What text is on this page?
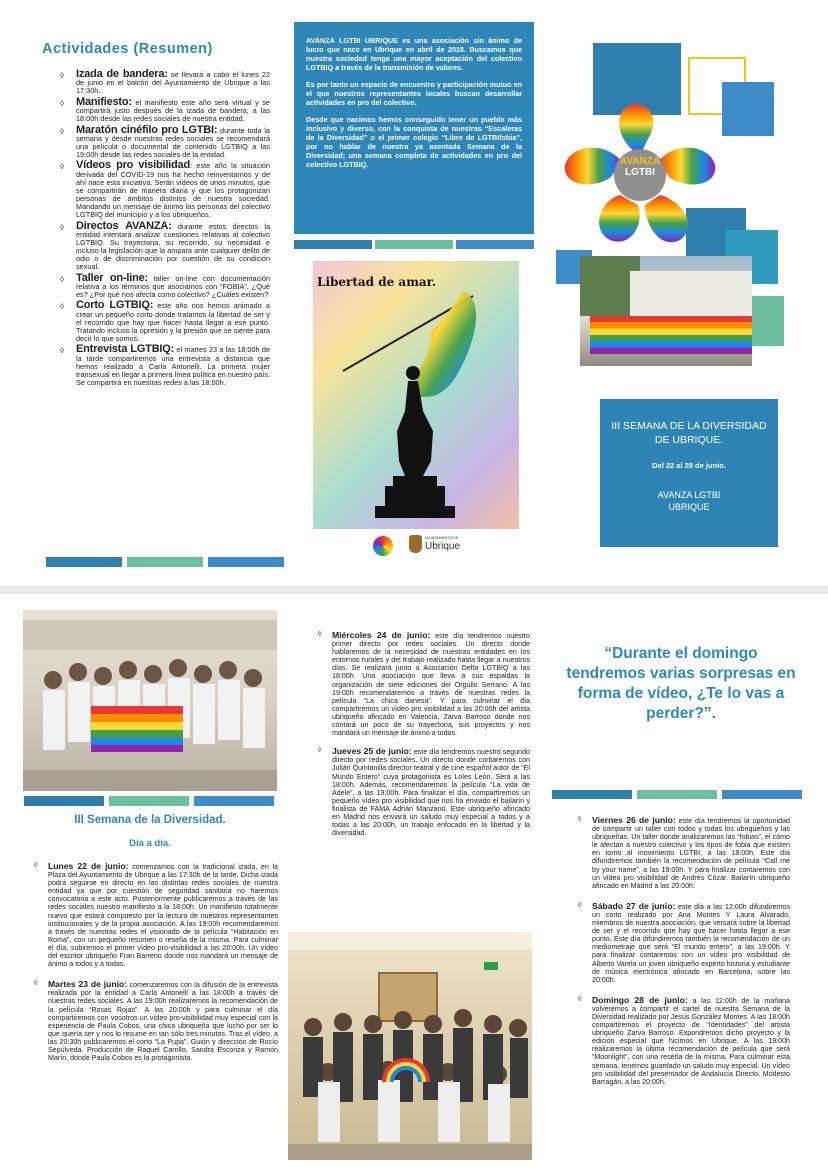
Actividades (Resumen)
◊ Izada de bandera: se llevará a cabo el lunes 22 de junio en el balcón del Ayuntamiento de Ubrique a las 17:30h.
◊ Manifiesto: el manifiesto este año será virtual y se compartirá justo después de la izada de bandera, a las 18:00h desde las redes sociales de nuestra entidad.
◊ Maratón cinéfilo pro LGTBI: durante toda la semana y desde nuestras redes sociales se recomendará una película o documental de contenido LGTBIQ a las 19:00h desde las redes sociales de la entidad.
◊ Vídeos pro visibilidad: este año la situación derivada del COVID-19 nos ha hecho reinventarnos y de ahí nace esta iniciativa. Serán vídeos de unos minutos, que se compartirán de manera diaria y que los protagonizan personas de ámbitos distintos de nuestra sociedad. Mandando un mensaje de ánimo las personas del colectivo LGTBIQ del municipio y a los ubriqueños.
◊ Directos AVANZA: durante estos directos la entidad intentará analizar cuestiones relativas al colectivo LGTBIQ. Su trayectoria, su recorrido, su necesidad e incluso la legislación que la ampara ante cualquier delito de odio o de discriminación por cuestión de su condición sexual.
◊ Taller on-line: taller on-line con documentación relativa a los términos que asociamos con “FOBIA”. ¿Qué es? ¿Por qué nos afecta como colectivo? ¿Cuáles existen?
◊ Corto LGTBIQ: este año nos hemos animado a crear un pequeño corto donde tratamos la libertad de ser y el recorrido que hay que hacer hasta llegar a ese punto. Tratando incluso la opresión y la presión que se siente para decir lo que somos.
◊ Entrevista LGTBIQ: el martes 23 a las 18:00h de la tarde compartiremos una entrevista a distancia que hemos realizado a Carla Antonelli. La primera mujer transexual en llegar a primera línea política en nuestro país. Se compartirá en nuestras redes a las 18:00h.

AVANZA LGTBI UBRIQUE es una asociación sin ánimo de lucro que nace en Ubrique en abril de 2018. Buscamos que nuestra sociedad tenga una mayor aceptación del colectivo LGTBIQ a través de la transmisión de valores.

Es por tanto un espacio de encuentro y participación mutuo en el que nuestros representantes locales buscan desarrollar actividades en pro del colectivo.

Desde que nacimos hemos conseguido tener un pueblo más inclusivo y diverso, con la conquista de nuestras “Escaleras de la Diversidad” o el primer colegio “Libre de LGTBIfobia”, por no hablar de nuestra ya asentada Semana de la Diversidad; una semana completa de actividades en pro del colectivo LGTBIQ.

Libertad de amar.
AYUNTAMIENTO DE
Ubrique
AVANZA
LGTBI
III SEMANA DE LA DIVERSIDAD DE UBRIQUE.
Del 22 al 28 de junio.
AVANZA LGTBI
UBRIQUE
III Semana de la Diversidad.
Día a día.

◊ Lunes 22 de junio: comenzamos con la tradicional izada, en la Plaza del Ayuntamiento de Ubrique a las 17:30h de la tarde. Dicha izada podrá seguirse en directo en las distintas redes sociales de nuestra entidad ya que por cuestión de seguridad sanitaria no haremos convocatoria a este acto. Posteriormente publicaremos a través de las redes sociales nuestro manifiesto a la 18:00h. Un manifiesto totalmente nuevo que estará compuesto por la lectura de nuestros representantes institucionales y de la propia asociación. A las 19:00h recomendaremos a través de nuestras redes el visionado de la película “Habitación en Roma”, con un pequeño resumen o reseña de la misma. Para culminar el día, subiremos el primer vídeo pro-visibilidad a las 20:00h. Un vídeo del escritor ubriqueño Fran Barreno donde nos mandará un mensaje de ánimo a todos y a todas.

◊ Martes 23 de junio: comenzaremos con la difusión de la entrevista realizada por la entidad a Carla Antonelli a las 18:00h a través de nuestras redes sociales. A las 19:00h realizaremos la recomendación de la película “Rosas Rojas”. A las 20:00h y para culminar el día compartiremos con vosotros un vídeo pro-visibilidad muy especial con la experiencia de Paula Cobos, una chica ubriqueña que luchó por ser lo que quería ser y nos lo resume en tan sólo tres minutos. Tras el vídeo, a las 20:30h publicaremos el corto “La Pupa”. Guión y dirección de Rocío Sepúlveda. Producción de Raquel Carrillo, Sandra Escoriza y Ramón Marín, donde Paula Cobos es la protagonista.

◊ Miércoles 24 de junio: este día tendremos nuestro primer directo por redes sociales. Un directo donde hablaremos de la necesidad de nuestras entidades en los entornos rurales y del trabajo realizado hasta llegar a nuestros días. Se realizará junto a Asociación Delta LGTBIQ a las 18:00h. Una asociación que lleva a sus espaldas la organización de siete ediciones del Orgullo Serrano. A las 19:00h recomendaremos a través de nuestras redes la película “La chica danesa”. Y para culminar el día compartiremos un vídeo pro visibilidad a las 20:00h del artista ubriqueño afincado en Valencia, Zarva Barroso donde nos contará un poco de su trayectoria, sus proyectos y nos mandará un mensaje de ánimo a todos.

◊ Jueves 25 de junio: este día tendremos nuestro segundo directo por redes sociales. Un directo donde contaremos con Julián Quintanilla director teatral y de cine español autor de “El Mundo Entero” cuya protagonista es Loles León. Será a las 18:00h. Además, recomendaremos la película “La vida de Adele”, a las 19:00h. Para finalizar el día, compartiremos un pequeño vídeo pro visibilidad que nos ha enviado el bailarín y finalista de FAMA Adrián Manzano. Este ubriqueño afincado en Madrid nos enviará un saludo muy especial a todos y a todas a las 20:00h, un trabajo enfocado en la libertad y la diversidad.

“Durante el domingo tendremos varias sorpresas en forma de vídeo, ¿Te lo vas a perder?”.

◊ Viernes 26 de junio: este día tendremos la oportunidad de compartir un taller con todos y todas los ubriqueños y las ubriqueñas. Un taller donde analizaremos las “fobias”, el cómo le afectan a nuestro colectivo y los tipos de fobia que existen en torno al movimiento LGTBI, a las 18:00h. Este día difundiremos también la recomendación de película “Call me by your name”, a las 19:00h. Y para finalizar contaremos con un vídeo pro visibilidad de Andrés Cózar. Bailarín ubriqueño afincado en Madrid a las 20:00h.

◊ Sábado 27 de junio: este día a las 12:00h difundiremos un corto realizado por Ana Montes Y Laura Alvarado, miembros de nuestra asociación, que versará sobre la libertad de ser y el recorrido que hay que hacer hasta llegar a ese punto. Este día difundiremos también la recomendación de un mediometraje que será “El mundo entero”, a las 19:00h. Y para finalizar contaremos con un vídeo pro visibilidad de Alberto Varela un joven ubriqueño experto historia y estudiante de música electrónica afincado en Barcelona, sobre las 20:00h.

◊ Domingo 28 de junio: a las 12:00h de la mañana volveremos a compartir el cartel de nuestra Semana de la Diversidad realizado por Jesús González Montes. A las 18:00h compartiremos el proyecto de “Identidades” del artista ubriqueño Zarva Barroso. Expondremos dicho proyecto y la edición especial que hicimos en Ubrique. A las 19:00h realizaremos la última recomendación de película que será “Moonlight”, con una reseña de la misma. Para culminar esta semana, tenemos guardado un saludo muy especial. Un vídeo pro visibilidad del presentador de Andalucía Directo, Modesto Barragán, a las 20:00h.
